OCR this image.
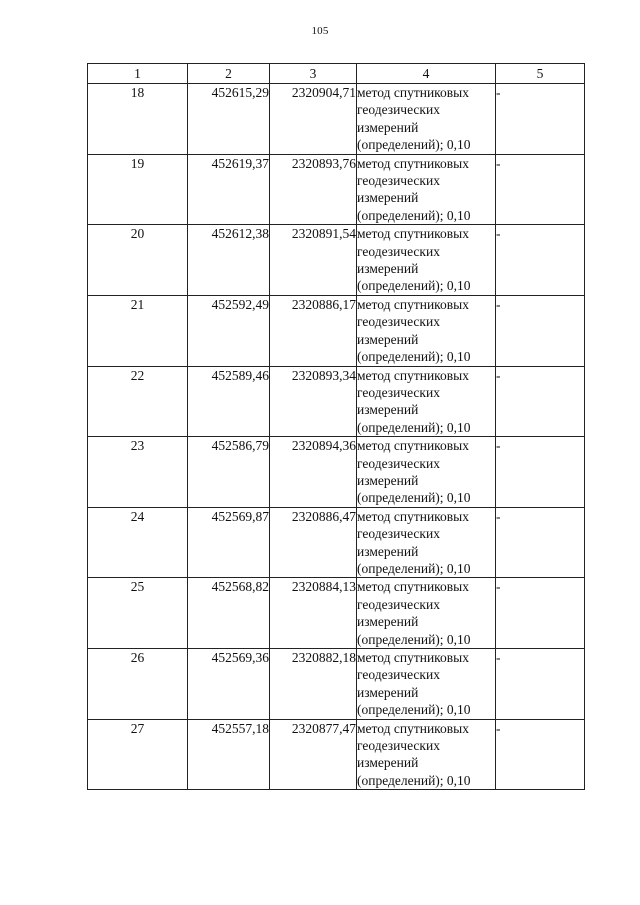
105
1	2	3	4	5
18	452615,29	2320904,71	метод спутниковых
геодезических
измерений
(определений); 0,10	-
19	452619,37	2320893,76	метод спутниковых
геодезических
измерений
(определений); 0,10	-
20	452612,38	2320891,54	метод спутниковых
геодезических
измерений
(определений); 0,10	-
21	452592,49	2320886,17	метод спутниковых
геодезических
измерений
(определений); 0,10	-
22	452589,46	2320893,34	метод спутниковых
геодезических
измерений
(определений); 0,10	-
23	452586,79	2320894,36	метод спутниковых
геодезических
измерений
(определений); 0,10	-
24	452569,87	2320886,47	метод спутниковых
геодезических
измерений
(определений); 0,10	-
25	452568,82	2320884,13	метод спутниковых
геодезических
измерений
(определений); 0,10	-
26	452569,36	2320882,18	метод спутниковых
геодезических
измерений
(определений); 0,10	-
27	452557,18	2320877,47	метод спутниковых
геодезических
измерений
(определений); 0,10	-
